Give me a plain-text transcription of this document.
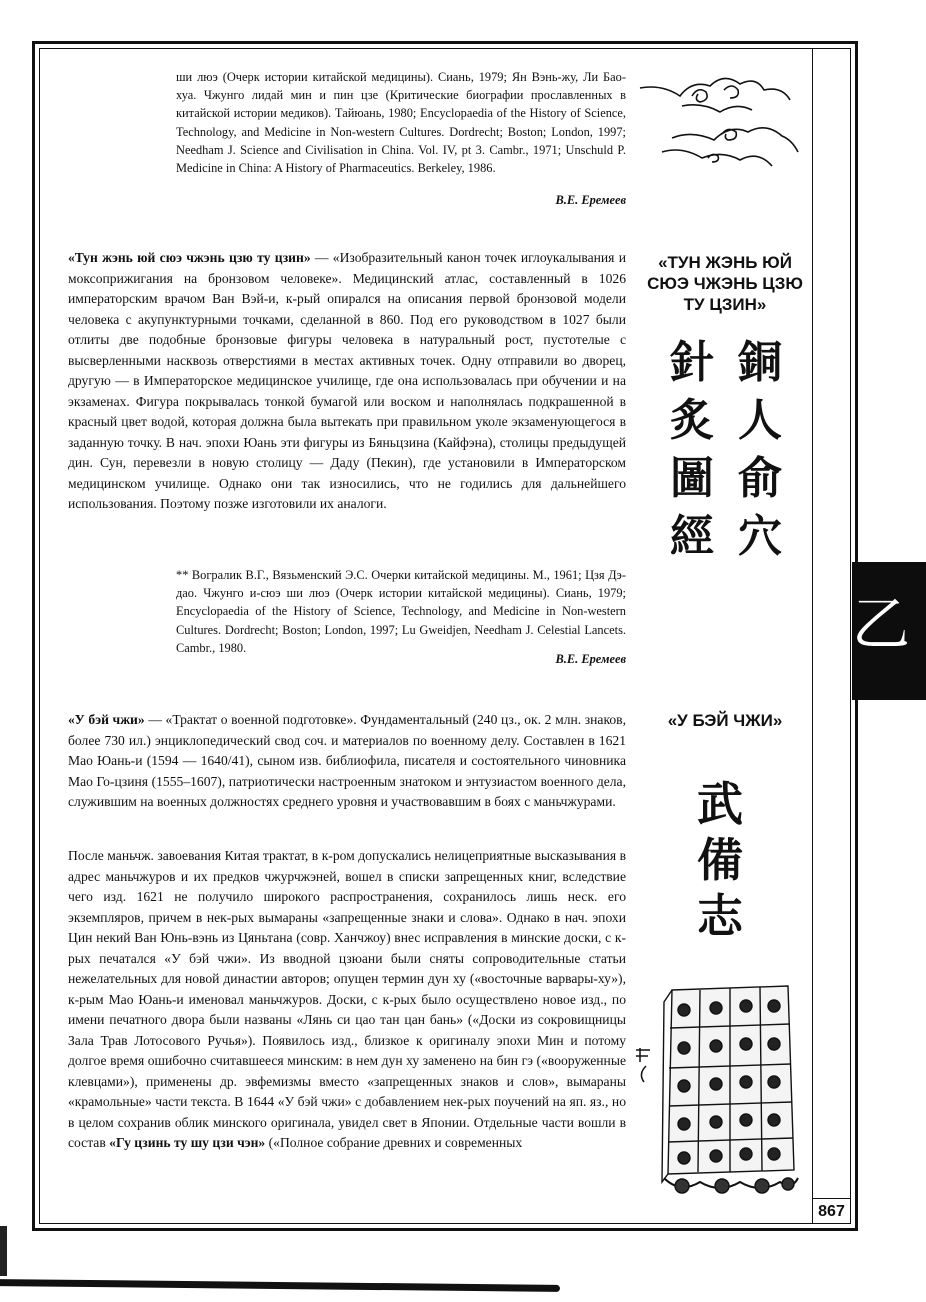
乙
867
ши люэ (Очерк истории китайской медицины). Сиань, 1979; Ян Вэнь-жу, Ли Бао-хуа. Чжунго лидай мин и пин цзе (Критические биографии прославленных в китайской истории медиков). Тайюань, 1980; Encyclopaedia of the History of Science, Technology, and Medicine in Non-western Cultures. Dordrecht; Boston; London, 1997; Needham J. Science and Civilisation in China. Vol. IV, pt 3. Cambr., 1971; Unschuld P. Medicine in China: A History of Pharmaceutics. Berkeley, 1986.
В.Е. Еремеев
«Тун жэнь юй сюэ чжэнь цзю ту цзин» — «Изобразительный канон точек иглоукалывания и моксоприжигания на бронзовом человеке». Медицинский атлас, составленный в 1026 императорским врачом Ван Вэй-и, к-рый опирался на описания первой бронзовой модели человека с акупунктурными точками, сделанной в 860. Под его руководством в 1027 были отлиты две подобные бронзовые фигуры человека в натуральный рост, пустотелые с высверленными насквозь отверстиями в местах активных точек. Одну отправили во дворец, другую — в Императорское медицинское училище, где она использовалась при обучении и на экзаменах. Фигура покрывалась тонкой бумагой или воском и наполнялась подкрашенной в красный цвет водой, которая должна была вытекать при правильном уколе экзаменующегося в заданную точку. В нач. эпохи Юань эти фигуры из Бяньцзина (Кайфэна), столицы предыдущей дин. Сун, перевезли в новую столицу — Даду (Пекин), где установили в Императорском медицинском училище. Однако они так износились, что не годились для дальнейшего использования. Поэтому позже изготовили их аналоги.
** Вогралик В.Г., Вязьменский Э.С. Очерки китайской медицины. М., 1961; Цзя Дэ-дао. Чжунго и-сюэ ши люэ (Очерк истории китайской медицины). Сиань, 1979; Encyclopaedia of the History of Science, Technology, and Medicine in Non-western Cultures. Dordrecht; Boston; London, 1997; Lu Gweidjen, Needham J. Celestial Lancets. Cambr., 1980.
В.Е. Еремеев
«ТУН ЖЭНЬ ЮЙ СЮЭ ЧЖЭНЬ ЦЗЮ ТУ ЦЗИН»
銅
人
俞
穴
針
炙
圖
經
«У бэй чжи» — «Трактат о военной подготовке». Фундаментальный (240 цз., ок. 2 млн. знаков, более 730 ил.) энциклопедический свод соч. и материалов по военному делу. Составлен в 1621 Мао Юань-и (1594 — 1640/41), сыном изв. библиофила, писателя и состоятельного чиновника Мао Го-цзиня (1555–1607), патриотически настроенным знатоком и энтузиастом военного дела, служившим на военных должностях среднего уровня и участвовавшим в боях с маньчжурами.
После маньчж. завоевания Китая трактат, в к-ром допускались нелицеприятные высказывания в адрес маньчжуров и их предков чжурчжэней, вошел в списки запрещенных книг, вследствие чего изд. 1621 не получило широкого распространения, сохранилось лишь неск. его экземпляров, причем в нек-рых вымараны «запрещенные знаки и слова». Однако в нач. эпохи Цин некий Ван Юнь-вэнь из Цяньтана (совр. Ханчжоу) внес исправления в минские доски, с к-рых печатался «У бэй чжи». Из вводной цзюани были сняты сопроводительные статьи нежелательных для новой династии авторов; опущен термин дун ху («восточные варвары-ху»), к-рым Мао Юань-и именовал маньчжуров. Доски, с к-рых было осуществлено новое изд., по имени печатного двора были названы «Лянь си цао тан цан бань» («Доски из сокровищницы Зала Трав Лотосового Ручья»). Появилось изд., близкое к оригиналу эпохи Мин и потому долгое время ошибочно считавшееся минским: в нем дун ху заменено на бин гэ («вооруженные клевцами»), применены др. эвфемизмы вместо «запрещенных знаков и слов», вымараны «крамольные» части текста. В 1644 «У бэй чжи» с добавлением нек-рых поучений на яп. яз., но в целом сохранив облик минского оригинала, увидел свет в Японии. Отдельные части вошли в состав «Гу цзинь ту шу цзи чэн» («Полное собрание древних и современных
«У БЭЙ ЧЖИ»
武
備
志
